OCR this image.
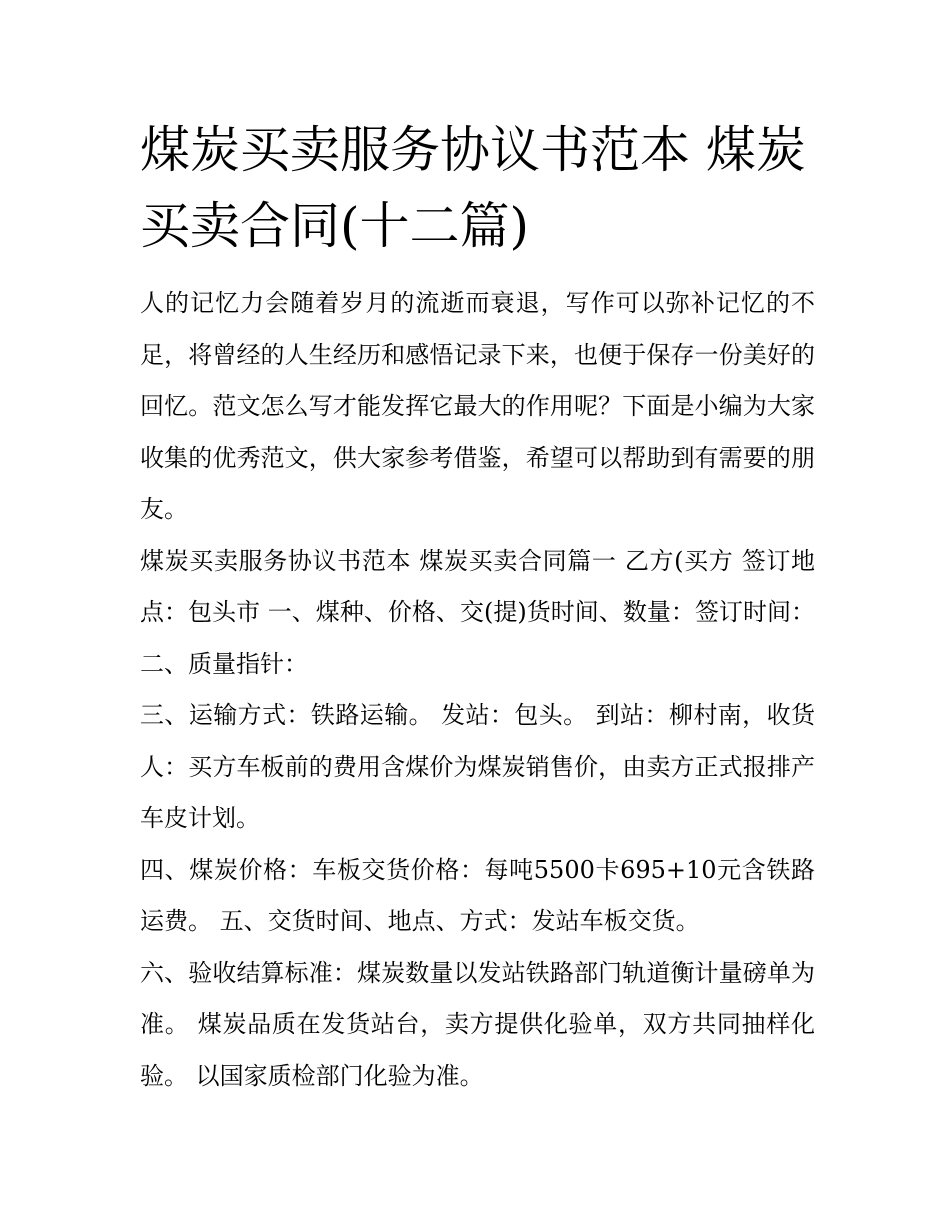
煤炭买卖服务协议书范本 煤炭买卖合同(十二篇)

人的记忆力会随着岁月的流逝而衰退，写作可以弥补记忆的不足，将曾经的人生经历和感悟记录下来，也便于保存一份美好的回忆。范文怎么写才能发挥它最大的作用呢？下面是小编为大家收集的优秀范文，供大家参考借鉴，希望可以帮助到有需要的朋友。

煤炭买卖服务协议书范本 煤炭买卖合同篇一 乙方(买方 签订地点：包头市 一、煤种、价格、交(提)货时间、数量：签订时间： 二、质量指针：

三、运输方式：铁路运输。 发站：包头。 到站：柳村南，收货人：买方车板前的费用含煤价为煤炭销售价，由卖方正式报排产车皮计划。

四、煤炭价格：车板交货价格：每吨5500卡695+10元含铁路运费。 五、交货时间、地点、方式：发站车板交货。

六、验收结算标准：煤炭数量以发站铁路部门轨道衡计量磅单为准。 煤炭品质在发货站台，卖方提供化验单，双方共同抽样化验。 以国家质检部门化验为准。
